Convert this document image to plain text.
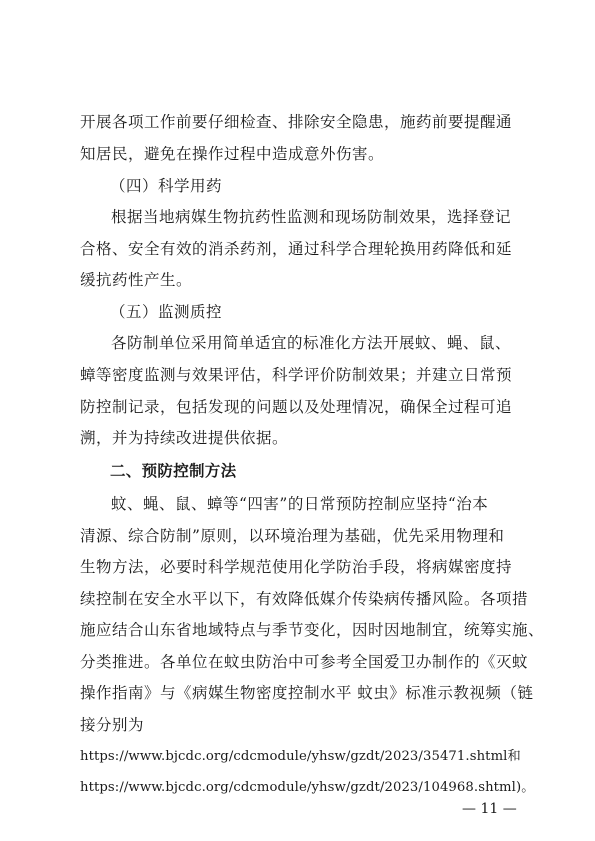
开展各项工作前要仔细检查、排除安全隐患，施药前要提醒通
知居民，避免在操作过程中造成意外伤害。
（四）科学用药
根据当地病媒生物抗药性监测和现场防制效果，选择登记
合格、安全有效的消杀药剂，通过科学合理轮换用药降低和延
缓抗药性产生。
（五）监测质控
各防制单位采用简单适宜的标准化方法开展蚊、蝇、鼠、
蟑等密度监测与效果评估，科学评价防制效果；并建立日常预
防控制记录，包括发现的问题以及处理情况，确保全过程可追
溯，并为持续改进提供依据。
二、预防控制方法
蚊、蝇、鼠、蟑等“四害”的日常预防控制应坚持“治本
清源、综合防制”原则，以环境治理为基础，优先采用物理和
生物方法，必要时科学规范使用化学防治手段，将病媒密度持
续控制在安全水平以下，有效降低媒介传染病传播风险。各项措
施应结合山东省地域特点与季节变化，因时因地制宜，统筹实施、
分类推进。各单位在蚊虫防治中可参考全国爱卫办制作的《灭蚊
操作指南》与《病媒生物密度控制水平 蚊虫》标准示教视频（链
接分别为
https://www.bjcdc.org/cdcmodule/yhsw/gzdt/2023/35471.shtml和
https://www.bjcdc.org/cdcmodule/yhsw/gzdt/2023/104968.shtml)。
— 11 —
